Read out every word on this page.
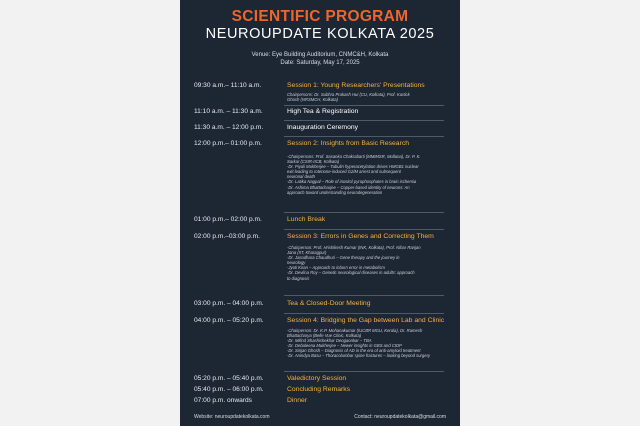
SCIENTIFIC PROGRAM
NEUROUPDATE KOLKATA 2025
Venue: Eye Building Auditorium, CNMC&H, Kolkata
Date: Saturday, May 17, 2025
09:30 a.m.– 11:10 a.m.	Session 1: Young Researchers' Presentations
Chairpersons: Dr. Subhra Prakash Hui (CU, Kolkata), Prof. Kartick
Ghosh (NRSMCH, Kolkata)
11:10 a.m. – 11:30 a.m.	High Tea & Registration
11:30 a.m. – 12:00 p.m.	Inauguration Ceremony
12:00 p.m.– 01:00 p.m.	Session 2: Insights from Basic Research
·Chairpersons: Prof. Sasanka Chakrabarti (MMIMSR, Mullana), Dr. P. K.
Sarkar (CSIR-IICB, Kolkata)
·Dr. Piyali Mukherjee – Tubulin hyperacetylation drives HMGB1 nuclear
exit leading to rotenone-induced G2/M arrest and subsequent
neuronal death
·Dr. Latika Nagpal – Role of inositol pyrophosphates in brain ischemia
·Dr. Ashima Bhattacharjee – Copper-based identity of neurons: An
approach toward understanding neurodegeneration
01:00 p.m.– 02:00 p.m.	Lunch Break
02:00 p.m.–03:00 p.m.	Session 3: Errors in Genes and Correcting Them
·Chairperson: Prof. Hrishikesh Kumar (INK, Kolkata), Prof. Nihar Ranjan
Jana (IIT, Kharagpur)
·Dr. Jasodhara Chaudhuri – Gene therapy and the journey in
neurology
·Jyoti Kiran – Approach to inborn error in metabolism
·Dr. Devlina Roy – Genetic neurological diseases in adults: approach
to diagnosis
03:00 p.m. – 04:00 p.m.	Tea & Closed-Door Meeting
04:00 p.m. – 05:20 p.m.	Session 4: Bridging the Gap between Lab and Clinic
·Chairperson: Dr. K.P. Mohanakumar (IUCBR MGU, Kerala), Dr. Ramesh
Bhattacharya (Belle Vue Clinic, Kolkata)
·Dr. Milind Shashishekhar Deogaonkar – TBA
·Dr. Debaleena Mukherjee – Newer insights in GBS and CIDP
·Dr. Sinjan Ghosh – Diagnosis of AD in the era of anti-amyloid treatment
·Dr. Anindya Basu – Thoracolumbar spine fractures – looking beyond surgery
05:20 p.m. – 05:40 p.m.	Valedictory Session
05:40 p.m. – 06:00 p.m.	Concluding Remarks
07:00 p.m. onwards	Dinner
Website: neuroupdatekolkata.com	Contact: neuroupdatekolkata@gmail.com
